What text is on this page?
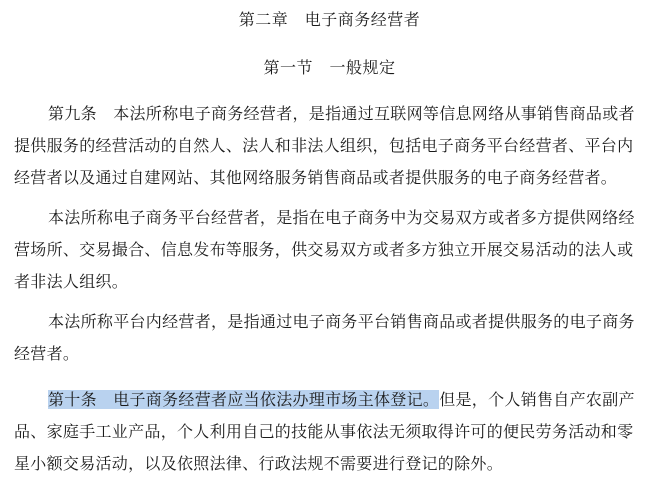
第二章　电子商务经营者
第一节　一般规定
第九条　本法所称电子商务经营者，是指通过互联网等信息网络从事销售商品或者
提供服务的经营活动的自然人、法人和非法人组织，包括电子商务平台经营者、平台内
经营者以及通过自建网站、其他网络服务销售商品或者提供服务的电子商务经营者。
本法所称电子商务平台经营者，是指在电子商务中为交易双方或者多方提供网络经
营场所、交易撮合、信息发布等服务，供交易双方或者多方独立开展交易活动的法人或
者非法人组织。
本法所称平台内经营者，是指通过电子商务平台销售商品或者提供服务的电子商务
经营者。
第十条　电子商务经营者应当依法办理市场主体登记。但是，个人销售自产农副产
品、家庭手工业产品，个人利用自己的技能从事依法无须取得许可的便民劳务活动和零
星小额交易活动，以及依照法律、行政法规不需要进行登记的除外。
